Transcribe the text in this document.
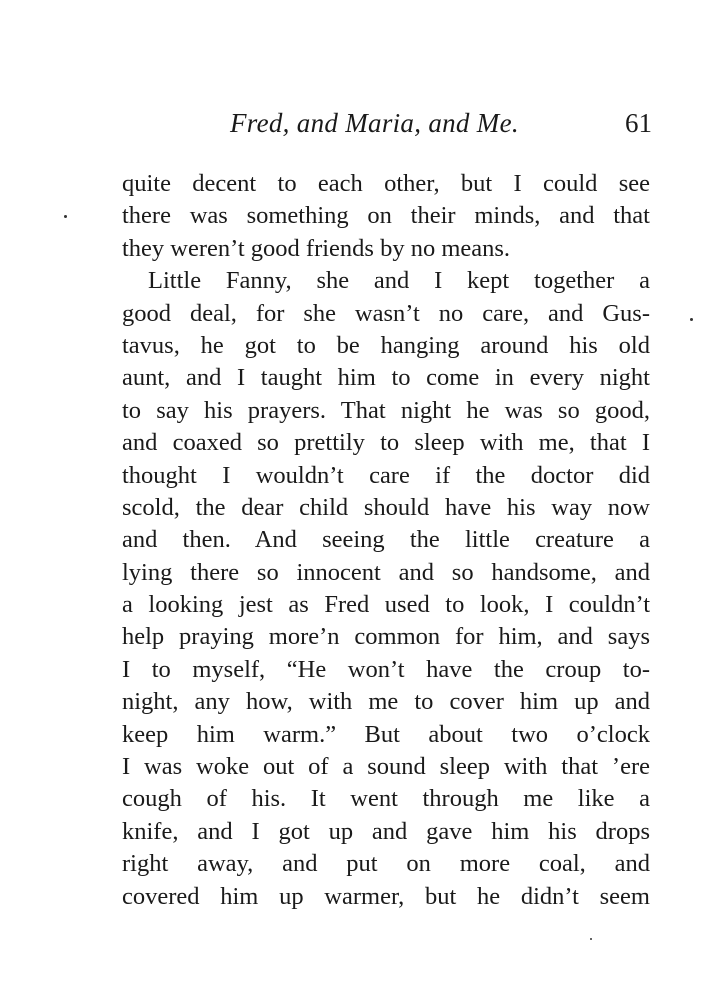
Fred, and Maria, and Me.	61
quite decent to each other, but I could see
there was something on their minds, and that
they weren’t good friends by no means.
Little Fanny, she and I kept together a
good deal, for she wasn’t no care, and Gus-
tavus, he got to be hanging around his old
aunt, and I taught him to come in every night
to say his prayers. That night he was so good,
and coaxed so prettily to sleep with me, that I
thought I wouldn’t care if the doctor did
scold, the dear child should have his way now
and then. And seeing the little creature a
lying there so innocent and so handsome, and
a looking jest as Fred used to look, I couldn’t
help praying more’n common for him, and says
I to myself, “He won’t have the croup to-
night, any how, with me to cover him up and
keep him warm.” But about two o’clock
I was woke out of a sound sleep with that ’ere
cough of his. It went through me like a
knife, and I got up and gave him his drops
right away, and put on more coal, and
covered him up warmer, but he didn’t seem
